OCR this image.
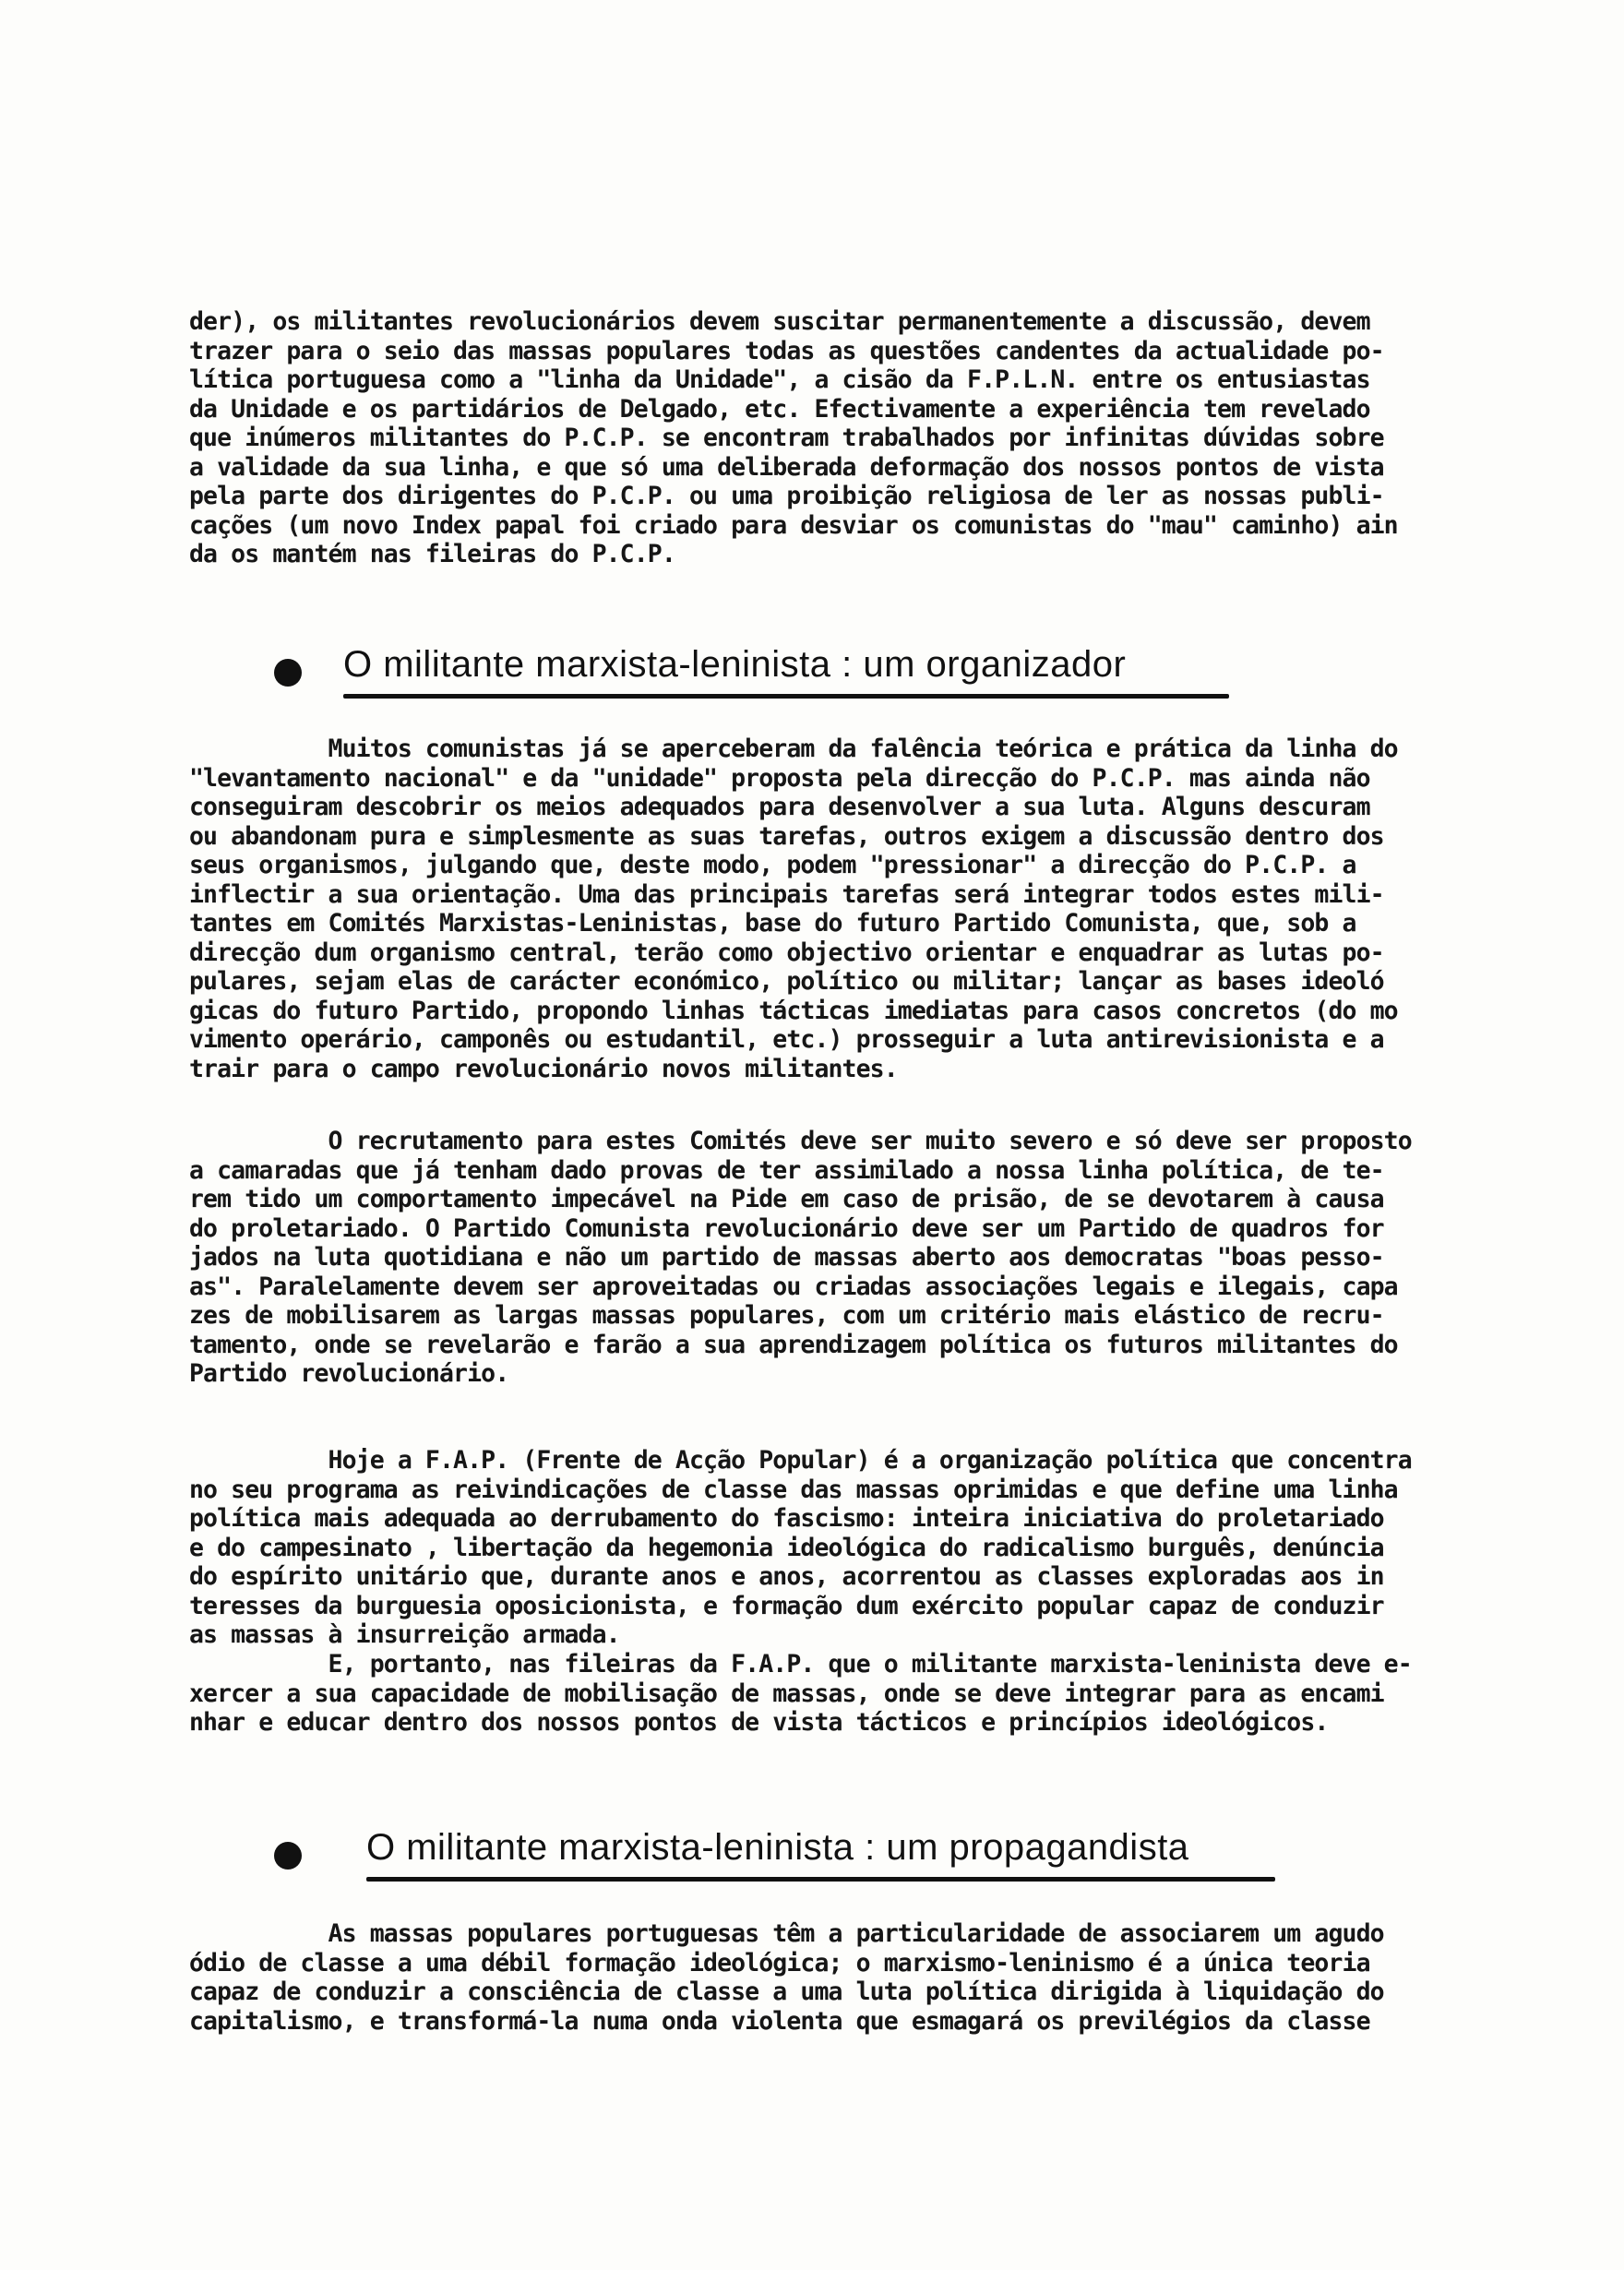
der), os militantes revolucionários devem suscitar permanentemente a discussão, devem
trazer para o seio das massas populares todas as questões candentes da actualidade po-
lítica portuguesa como a "linha da Unidade", a cisão da F.P.L.N. entre os entusiastas
da Unidade e os partidários de Delgado, etc. Efectivamente a experiência tem revelado
que inúmeros militantes do P.C.P. se encontram trabalhados por infinitas dúvidas sobre
a validade da sua linha, e que só uma deliberada deformação dos nossos pontos de vista
pela parte dos dirigentes do P.C.P. ou uma proibição religiosa de ler as nossas publi-
cações (um novo Index papal foi criado para desviar os comunistas do "mau" caminho) ain
da os mantém nas fileiras do P.C.P.
O militante marxista-leninista : um organizador
Muitos comunistas já se aperceberam da falência teórica e prática da linha do
"levantamento nacional" e da "unidade" proposta pela direcção do P.C.P. mas ainda não
conseguiram descobrir os meios adequados para desenvolver a sua luta. Alguns descuram
ou abandonam pura e simplesmente as suas tarefas, outros exigem a discussão dentro dos
seus organismos, julgando que, deste modo, podem "pressionar" a direcção do P.C.P. a
inflectir a sua orientação. Uma das principais tarefas será integrar todos estes mili-
tantes em Comités Marxistas-Leninistas, base do futuro Partido Comunista, que, sob a
direcção dum organismo central, terão como objectivo orientar e enquadrar as lutas po-
pulares, sejam elas de carácter económico, político ou militar; lançar as bases ideoló
gicas do futuro Partido, propondo linhas tácticas imediatas para casos concretos (do mo
vimento operário, camponês ou estudantil, etc.) prosseguir a luta antirevisionista e a
trair para o campo revolucionário novos militantes.
O recrutamento para estes Comités deve ser muito severo e só deve ser proposto
a camaradas que já tenham dado provas de ter assimilado a nossa linha política, de te-
rem tido um comportamento impecável na Pide em caso de prisão, de se devotarem à causa
do proletariado. O Partido Comunista revolucionário deve ser um Partido de quadros for
jados na luta quotidiana e não um partido de massas aberto aos democratas "boas pesso-
as". Paralelamente devem ser aproveitadas ou criadas associações legais e ilegais, capa
zes de mobilisarem as largas massas populares, com um critério mais elástico de recru-
tamento, onde se revelarão e farão a sua aprendizagem política os futuros militantes do
Partido revolucionário.
Hoje a F.A.P. (Frente de Acção Popular) é a organização política que concentra
no seu programa as reivindicações de classe das massas oprimidas e que define uma linha
política mais adequada ao derrubamento do fascismo: inteira iniciativa do proletariado
e do campesinato , libertação da hegemonia ideológica do radicalismo burguês, denúncia
do espírito unitário que, durante anos e anos, acorrentou as classes exploradas aos in
teresses da burguesia oposicionista, e formação dum exército popular capaz de conduzir
as massas à insurreição armada.
E, portanto, nas fileiras da F.A.P. que o militante marxista-leninista deve e-
xercer a sua capacidade de mobilisação de massas, onde se deve integrar para as encami
nhar e educar dentro dos nossos pontos de vista tácticos e princípios ideológicos.
O militante marxista-leninista : um propagandista
As massas populares portuguesas têm a particularidade de associarem um agudo
ódio de classe a uma débil formação ideológica; o marxismo-leninismo é a única teoria
capaz de conduzir a consciência de classe a uma luta política dirigida à liquidação do
capitalismo, e transformá-la numa onda violenta que esmagará os previlégios da classe
